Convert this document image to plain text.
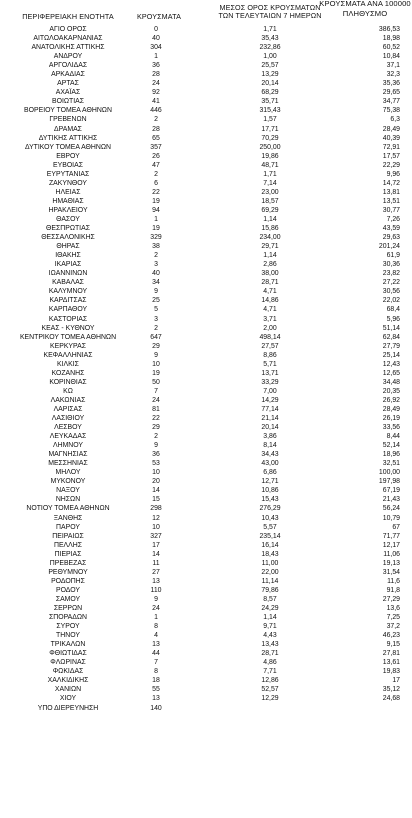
ΠΕΡΙΦΕΡΕΙΑΚΗ ΕΝΟΤΗΤΑ	ΚΡΟΥΣΜΑΤΑ
ΜΕΣΟΣ ΟΡΟΣ ΚΡΟΥΣΜΑΤΩΝ
ΤΩΝ ΤΕΛΕΥΤΑΙΩΝ 7 ΗΜΕΡΩΝ
ΚΡΟΥΣΜΑΤΑ ΑΝΑ 100000
ΠΛΗΘΥΣΜΟ
ΑΓΙΟ ΟΡΟΣ	0	1,71	386,53
ΑΙΤΩΛΟΑΚΑΡΝΑΝΙΑΣ	40	35,43	18,98
ΑΝΑΤΟΛΙΚΗΣ ΑΤΤΙΚΗΣ	304	232,86	60,52
ΑΝΔΡΟΥ	1	1,00	10,84
ΑΡΓΟΛΙΔΑΣ	36	25,57	37,1
ΑΡΚΑΔΙΑΣ	28	13,29	32,3
ΑΡΤΑΣ	24	20,14	35,36
ΑΧΑΪΑΣ	92	68,29	29,65
ΒΟΙΩΤΙΑΣ	41	35,71	34,77
ΒΟΡΕΙΟΥ ΤΟΜΕΑ ΑΘΗΝΩΝ	446	315,43	75,38
ΓΡΕΒΕΝΩΝ	2	1,57	6,3
ΔΡΑΜΑΣ	28	17,71	28,49
ΔΥΤΙΚΗΣ ΑΤΤΙΚΗΣ	65	70,29	40,39
ΔΥΤΙΚΟΥ ΤΟΜΕΑ ΑΘΗΝΩΝ	357	250,00	72,91
ΕΒΡΟΥ	26	19,86	17,57
ΕΥΒΟΙΑΣ	47	48,71	22,29
ΕΥΡΥΤΑΝΙΑΣ	2	1,71	9,96
ΖΑΚΥΝΘΟΥ	6	7,14	14,72
ΗΛΕΙΑΣ	22	23,00	13,81
ΗΜΑΘΙΑΣ	19	18,57	13,51
ΗΡΑΚΛΕΙΟΥ	94	69,29	30,77
ΘΑΣΟΥ	1	1,14	7,26
ΘΕΣΠΡΩΤΙΑΣ	19	15,86	43,59
ΘΕΣΣΑΛΟΝΙΚΗΣ	329	234,00	29,63
ΘΗΡΑΣ	38	29,71	201,24
ΙΘΑΚΗΣ	2	1,14	61,9
ΙΚΑΡΙΑΣ	3	2,86	30,36
ΙΩΑΝΝΙΝΩΝ	40	38,00	23,82
ΚΑΒΑΛΑΣ	34	28,71	27,22
ΚΑΛΥΜΝΟΥ	9	4,71	30,56
ΚΑΡΔΙΤΣΑΣ	25	14,86	22,02
ΚΑΡΠΑΘΟΥ	5	4,71	68,4
ΚΑΣΤΟΡΙΑΣ	3	3,71	5,96
ΚΕΑΣ - ΚΥΘΝΟΥ	2	2,00	51,14
ΚΕΝΤΡΙΚΟΥ ΤΟΜΕΑ ΑΘΗΝΩΝ	647	498,14	62,84
ΚΕΡΚΥΡΑΣ	29	27,57	27,79
ΚΕΦΑΛΛΗΝΙΑΣ	9	8,86	25,14
ΚΙΛΚΙΣ	10	5,71	12,43
ΚΟΖΑΝΗΣ	19	13,71	12,65
ΚΟΡΙΝΘΙΑΣ	50	33,29	34,48
ΚΩ	7	7,00	20,35
ΛΑΚΩΝΙΑΣ	24	14,29	26,92
ΛΑΡΙΣΑΣ	81	77,14	28,49
ΛΑΣΙΘΙΟΥ	22	21,14	26,19
ΛΕΣΒΟΥ	29	20,14	33,56
ΛΕΥΚΑΔΑΣ	2	3,86	8,44
ΛΗΜΝΟΥ	9	8,14	52,14
ΜΑΓΝΗΣΙΑΣ	36	34,43	18,96
ΜΕΣΣΗΝΙΑΣ	53	43,00	32,51
ΜΗΛΟΥ	10	6,86	100,00
ΜΥΚΟΝΟΥ	20	12,71	197,98
ΝΑΞΟΥ	14	10,86	67,19
ΝΗΣΩΝ	15	15,43	21,43
ΝΟΤΙΟΥ ΤΟΜΕΑ ΑΘΗΝΩΝ	298	276,29	56,24
ΞΑΝΘΗΣ	12	10,43	10,79
ΠΑΡΟΥ	10	5,57	67
ΠΕΙΡΑΙΩΣ	327	235,14	71,77
ΠΕΛΛΗΣ	17	16,14	12,17
ΠΙΕΡΙΑΣ	14	18,43	11,06
ΠΡΕΒΕΖΑΣ	11	11,00	19,13
ΡΕΘΥΜΝΟΥ	27	22,00	31,54
ΡΟΔΟΠΗΣ	13	11,14	11,6
ΡΟΔΟΥ	110	79,86	91,8
ΣΑΜΟΥ	9	8,57	27,29
ΣΕΡΡΩΝ	24	24,29	13,6
ΣΠΟΡΑΔΩΝ	1	1,14	7,25
ΣΥΡΟΥ	8	9,71	37,2
ΤΗΝΟΥ	4	4,43	46,23
ΤΡΙΚΑΛΩΝ	13	13,43	9,15
ΦΘΙΩΤΙΔΑΣ	44	28,71	27,81
ΦΛΩΡΙΝΑΣ	7	4,86	13,61
ΦΩΚΙΔΑΣ	8	7,71	19,83
ΧΑΛΚΙΔΙΚΗΣ	18	12,86	17
ΧΑΝΙΩΝ	55	52,57	35,12
ΧΙΟΥ	13	12,29	24,68
ΥΠΟ ΔΙΕΡΕΥΝΗΣΗ	140
